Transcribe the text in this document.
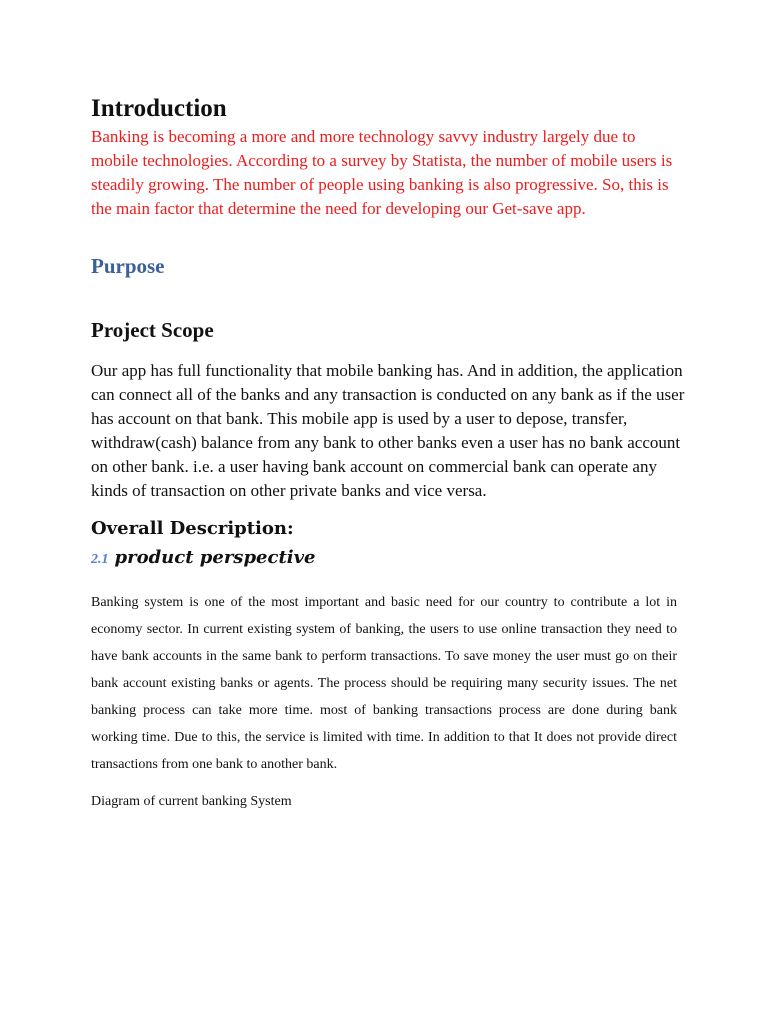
Introduction

Banking is becoming a more and more technology savvy industry largely due to mobile technologies. According to a survey by Statista, the number of mobile users is steadily growing. The number of people using banking is also progressive. So, this is the main factor that determine the need for developing our Get-save app.

Purpose
Project Scope

Our app has full functionality that mobile banking has. And in addition, the application can connect all of the banks and any transaction is conducted on any bank as if the user has account on that bank. This mobile app is used by a user to depose, transfer, withdraw(cash) balance from any bank to other banks even a user has no bank account on other bank. i.e. a user having bank account on commercial bank can operate any kinds of transaction on other private banks and vice versa.

Overall Description:
2.1 product perspective

Banking system is one of the most important and basic need for our country to contribute a lot in economy sector. In current existing system of banking, the users to use online transaction they need to have bank accounts in the same bank to perform transactions. To save money the user must go on their bank account existing banks or agents. The process should be requiring many security issues. The net banking process can take more time. most of banking transactions process are done during bank working time. Due to this, the service is limited with time. In addition to that It does not provide direct transactions from one bank to another bank.

Diagram of current banking System
